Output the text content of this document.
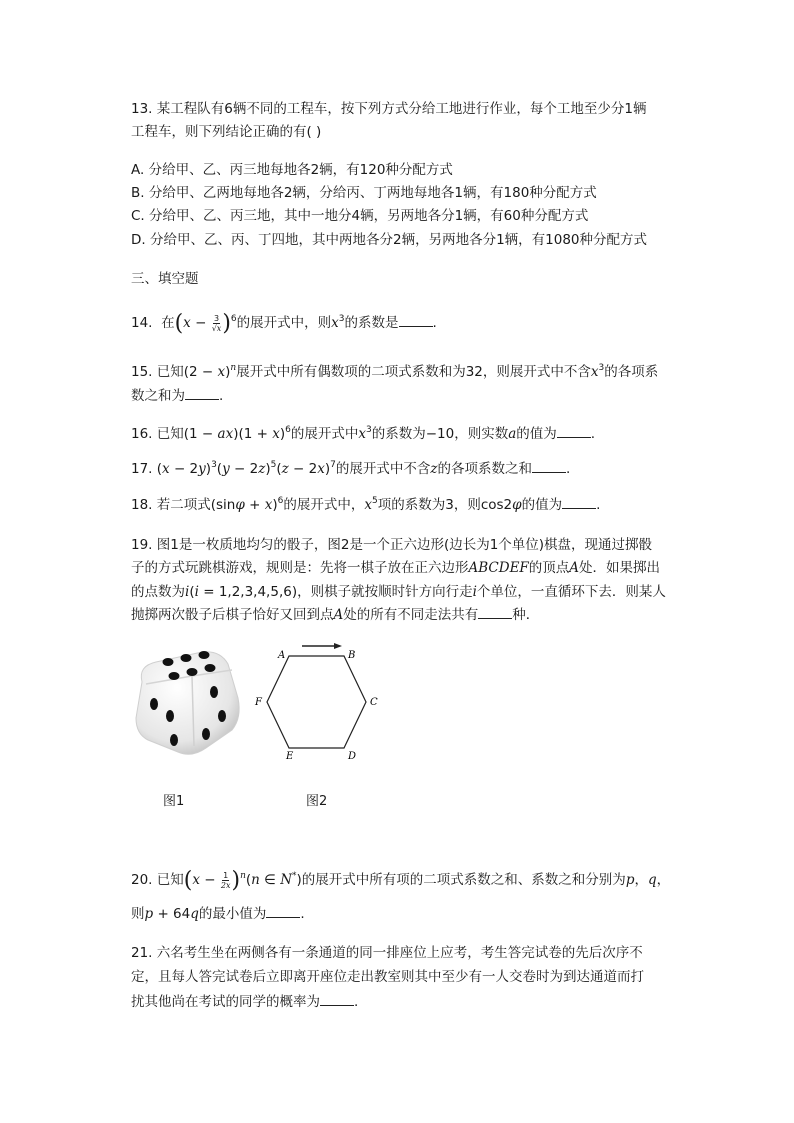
13. 某工程队有6辆不同的工程车，按下列方式分给工地进行作业，每个工地至少分1辆
工程车，则下列结论正确的有( )
A. 分给甲、乙、丙三地每地各2辆，有120种分配方式
B. 分给甲、乙两地每地各2辆，分给丙、丁两地每地各1辆，有180种分配方式
C. 分给甲、乙、丙三地，其中一地分4辆，另两地各分1辆，有60种分配方式
D. 分给甲、乙、丙、丁四地，其中两地各分2辆，另两地各分1辆，有1080种分配方式
三、填空题
14. 在$(x - \frac{3}{√x} )^6$的展开式中，则$x^3$的系数是	.
15. 已知$(2 - x)^n$展开式中所有偶数项的二项式系数和为32，则展开式中不含$x^3$的各项系
数之和为	.
16. 已知$(1 - ax)(1 + x)^6$的展开式中$x^3$的系数为−10，则实数a的值为	.
17. $(x - 2y)^3(y - 2z)^5(z - 2x)^7$的展开式中不含z的各项系数之和	.
18. 若二项式$(\sin\varphi + x)^6$的展开式中，$x^5$项的系数为3，则cos2φ的值为	.
19. 图1是一枚质地均匀的骰子，图2是一个正六边形(边长为1个单位)棋盘，现通过掷骰
子的方式玩跳棋游戏，规则是：先将一棋子放在正六边形ABCDEF的顶点A处．如果掷出
的点数为i(i = 1,2,3,4,5,6)，则棋子就按顺时针方向行走i个单位，一直循环下去．则某人
抛掷两次骰子后棋子恰好又回到点A处的所有不同走法共有	种．
A	B
C
D
E
F
图1	图2
20. 已知$(x - \frac{1}{2x} )^n(n$ ∈ N*)的展开式中所有项的二项式系数之和、系数之和分别为p，q，
则p + 64q的最小值为	.
21. 六名考生坐在两侧各有一条通道的同一排座位上应考，考生答完试卷的先后次序不
定，且每人答完试卷后立即离开座位走出教室则其中至少有一人交卷时为到达通道而打
扰其他尚在考试的同学的概率为	.
